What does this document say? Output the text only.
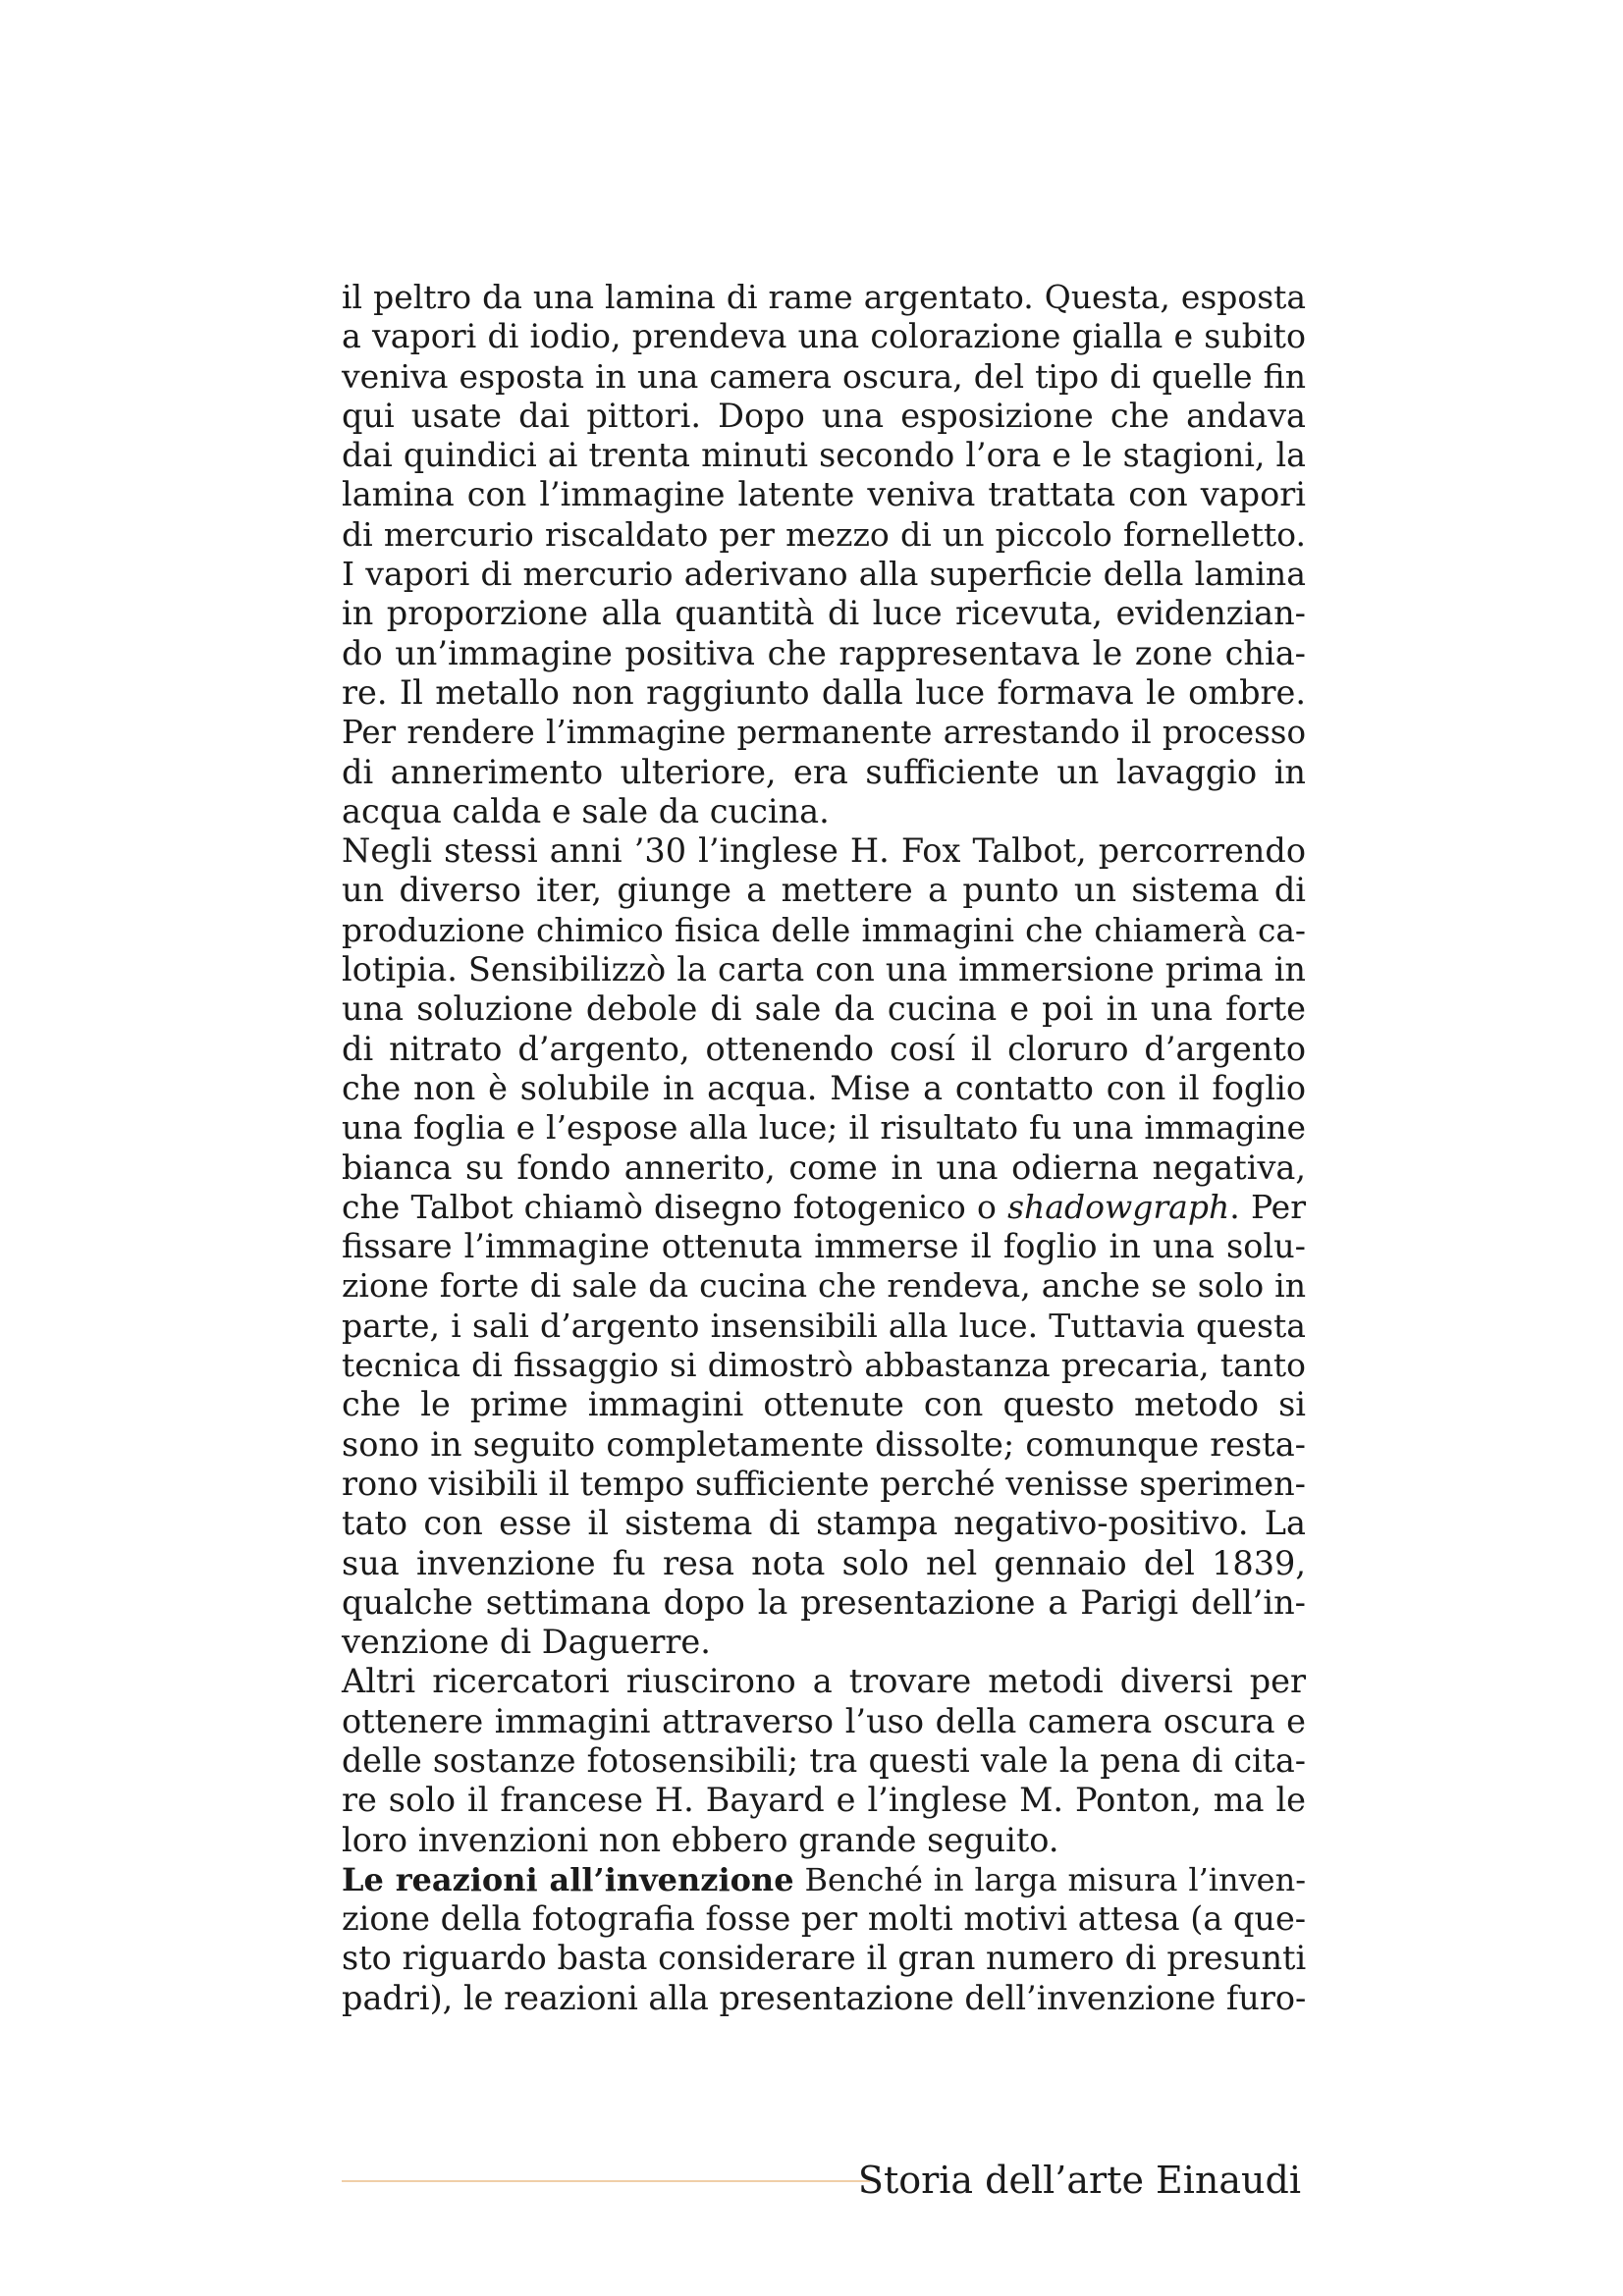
il peltro da una lamina di rame argentato. Questa, esposta
a vapori di iodio, prendeva una colorazione gialla e subito
veniva esposta in una camera oscura, del tipo di quelle fin
qui usate dai pittori. Dopo una esposizione che andava
dai quindici ai trenta minuti secondo l’ora e le stagioni, la
lamina con l’immagine latente veniva trattata con vapori
di mercurio riscaldato per mezzo di un piccolo fornelletto.
I vapori di mercurio aderivano alla superficie della lamina
in proporzione alla quantità di luce ricevuta, evidenzian-
do un’immagine positiva che rappresentava le zone chia-
re. Il metallo non raggiunto dalla luce formava le ombre.
Per rendere l’immagine permanente arrestando il processo
di annerimento ulteriore, era sufficiente un lavaggio in
acqua calda e sale da cucina.
Negli stessi anni ’30 l’inglese H. Fox Talbot, percorrendo
un diverso iter, giunge a mettere a punto un sistema di
produzione chimico fisica delle immagini che chiamerà ca-
lotipia. Sensibilizzò la carta con una immersione prima in
una soluzione debole di sale da cucina e poi in una forte
di nitrato d’argento, ottenendo cosí il cloruro d’argento
che non è solubile in acqua. Mise a contatto con il foglio
una foglia e l’espose alla luce; il risultato fu una immagine
bianca su fondo annerito, come in una odierna negativa,
che Talbot chiamò disegno fotogenico o shadowgraph. Per
fissare l’immagine ottenuta immerse il foglio in una solu-
zione forte di sale da cucina che rendeva, anche se solo in
parte, i sali d’argento insensibili alla luce. Tuttavia questa
tecnica di fissaggio si dimostrò abbastanza precaria, tanto
che le prime immagini ottenute con questo metodo si
sono in seguito completamente dissolte; comunque resta-
rono visibili il tempo sufficiente perché venisse sperimen-
tato con esse il sistema di stampa negativo-positivo. La
sua invenzione fu resa nota solo nel gennaio del 1839,
qualche settimana dopo la presentazione a Parigi dell’in-
venzione di Daguerre.
Altri ricercatori riuscirono a trovare metodi diversi per
ottenere immagini attraverso l’uso della camera oscura e
delle sostanze fotosensibili; tra questi vale la pena di cita-
re solo il francese H. Bayard e l’inglese M. Ponton, ma le
loro invenzioni non ebbero grande seguito.
Le reazioni all’invenzione Benché in larga misura l’inven-
zione della fotografia fosse per molti motivi attesa (a que-
sto riguardo basta considerare il gran numero di presunti
padri), le reazioni alla presentazione dell’invenzione furo-
Storia dell’arte Einaudi
